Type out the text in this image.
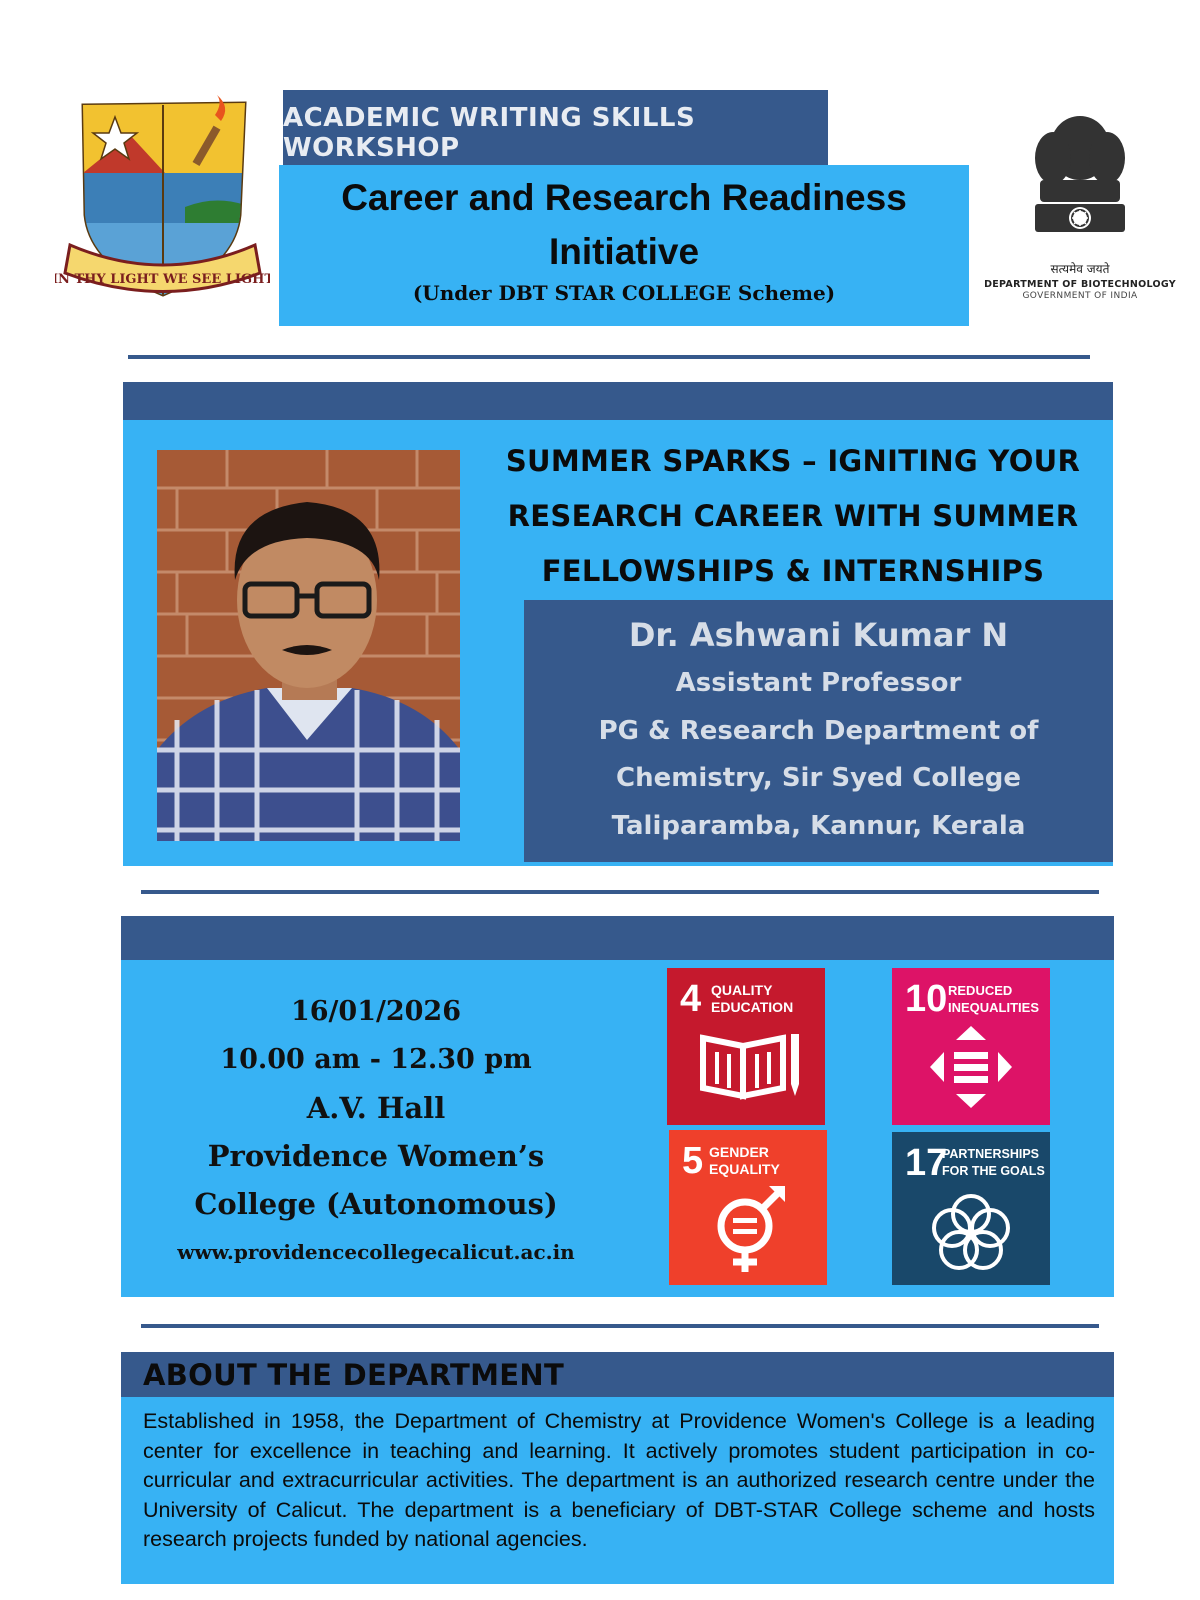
IN THY LIGHT WE SEE LIGHT
ACADEMIC WRITING SKILLS WORKSHOP
Career and Research Readiness Initiative
(Under DBT STAR COLLEGE Scheme)
सत्यमेव जयते
DEPARTMENT OF BIOTECHNOLOGY
GOVERNMENT OF INDIA
SUMMER SPARKS – IGNITING YOUR
RESEARCH CAREER WITH SUMMER
FELLOWSHIPS & INTERNSHIPS
Dr. Ashwani Kumar N
Assistant Professor
PG & Research Department of
Chemistry, Sir Syed College
Taliparamba, Kannur, Kerala
16/01/2026
10.00 am - 12.30 pm
A.V. Hall
Providence Women’s
College (Autonomous)
www.providencecollegecalicut.ac.in
4 QUALITY
EDUCATION	10 REDUCED
INEQUALITIES
5 GENDER
EQUALITY	17
PARTNERSHIPS
FOR THE GOALS
ABOUT THE DEPARTMENT
Established in 1958, the Department of Chemistry at Providence Women's College is a leading center for excellence in teaching and learning. It actively promotes student participation in co-curricular and extracurricular activities. The department is an authorized research centre under the University of Calicut. The department is a beneficiary of DBT-STAR College scheme and hosts research projects funded by national agencies.
